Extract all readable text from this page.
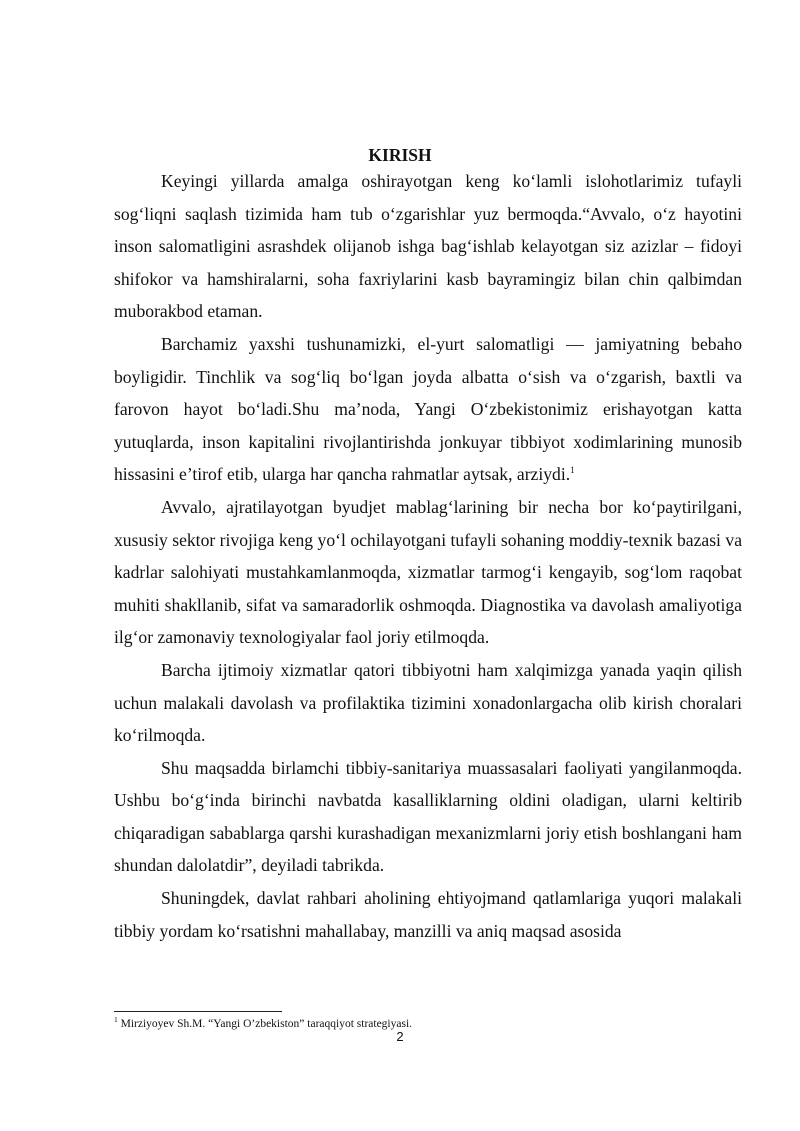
KIRISH

Keyingi yillarda amalga oshirayotgan keng ko‘lamli islohotlarimiz tufayli sog‘liqni saqlash tizimida ham tub o‘zgarishlar yuz bermoqda.“Avvalo, o‘z hayotini inson salomatligini asrashdek olijanob ishga bag‘ishlab kelayotgan siz azizlar – fidoyi shifokor va hamshiralarni, soha faxriylarini kasb bayramingiz bilan chin qalbimdan muborakbod etaman.

Barchamiz yaxshi tushunamizki, el-yurt salomatligi — jamiyatning bebaho boyligidir. Tinchlik va sog‘liq bo‘lgan joyda albatta o‘sish va o‘zgarish, baxtli va farovon hayot bo‘ladi.Shu ma’noda, Yangi O‘zbekistonimiz erishayotgan katta yutuqlarda, inson kapitalini rivojlantirishda jonkuyar tibbiyot xodimlarining munosib hissasini e’tirof etib, ularga har qancha rahmatlar aytsak, arziydi.$^1$

Avvalo, ajratilayotgan byudjet mablag‘larining bir necha bor ko‘paytirilgani, xususiy sektor rivojiga keng yo‘l ochilayotgani tufayli sohaning moddiy-texnik bazasi va kadrlar salohiyati mustahkamlanmoqda, xizmatlar tarmog‘i kengayib, sog‘lom raqobat muhiti shakllanib, sifat va samaradorlik oshmoqda. Diagnostika va davolash amaliyotiga ilg‘or zamonaviy texnologiyalar faol joriy etilmoqda.

Barcha ijtimoiy xizmatlar qatori tibbiyotni ham xalqimizga yanada yaqin qilish uchun malakali davolash va profilaktika tizimini xonadonlargacha olib kirish choralari ko‘rilmoqda.

Shu maqsadda birlamchi tibbiy-sanitariya muassasalari faoliyati yangilanmoqda. Ushbu bo‘g‘inda birinchi navbatda kasalliklarning oldini oladigan, ularni keltirib chiqaradigan sabablarga qarshi kurashadigan mexanizmlarni joriy etish boshlangani ham shundan dalolatdir”, deyiladi tabrikda.

Shuningdek, davlat rahbari aholining ehtiyojmand qatlamlariga yuqori malakali tibbiy yordam ko‘rsatishni mahallabay, manzilli va aniq maqsad asosida

$^1$ Mirziyoyev Sh.M. “Yangi O’zbekiston” taraqqiyot strategiyasi.
2
